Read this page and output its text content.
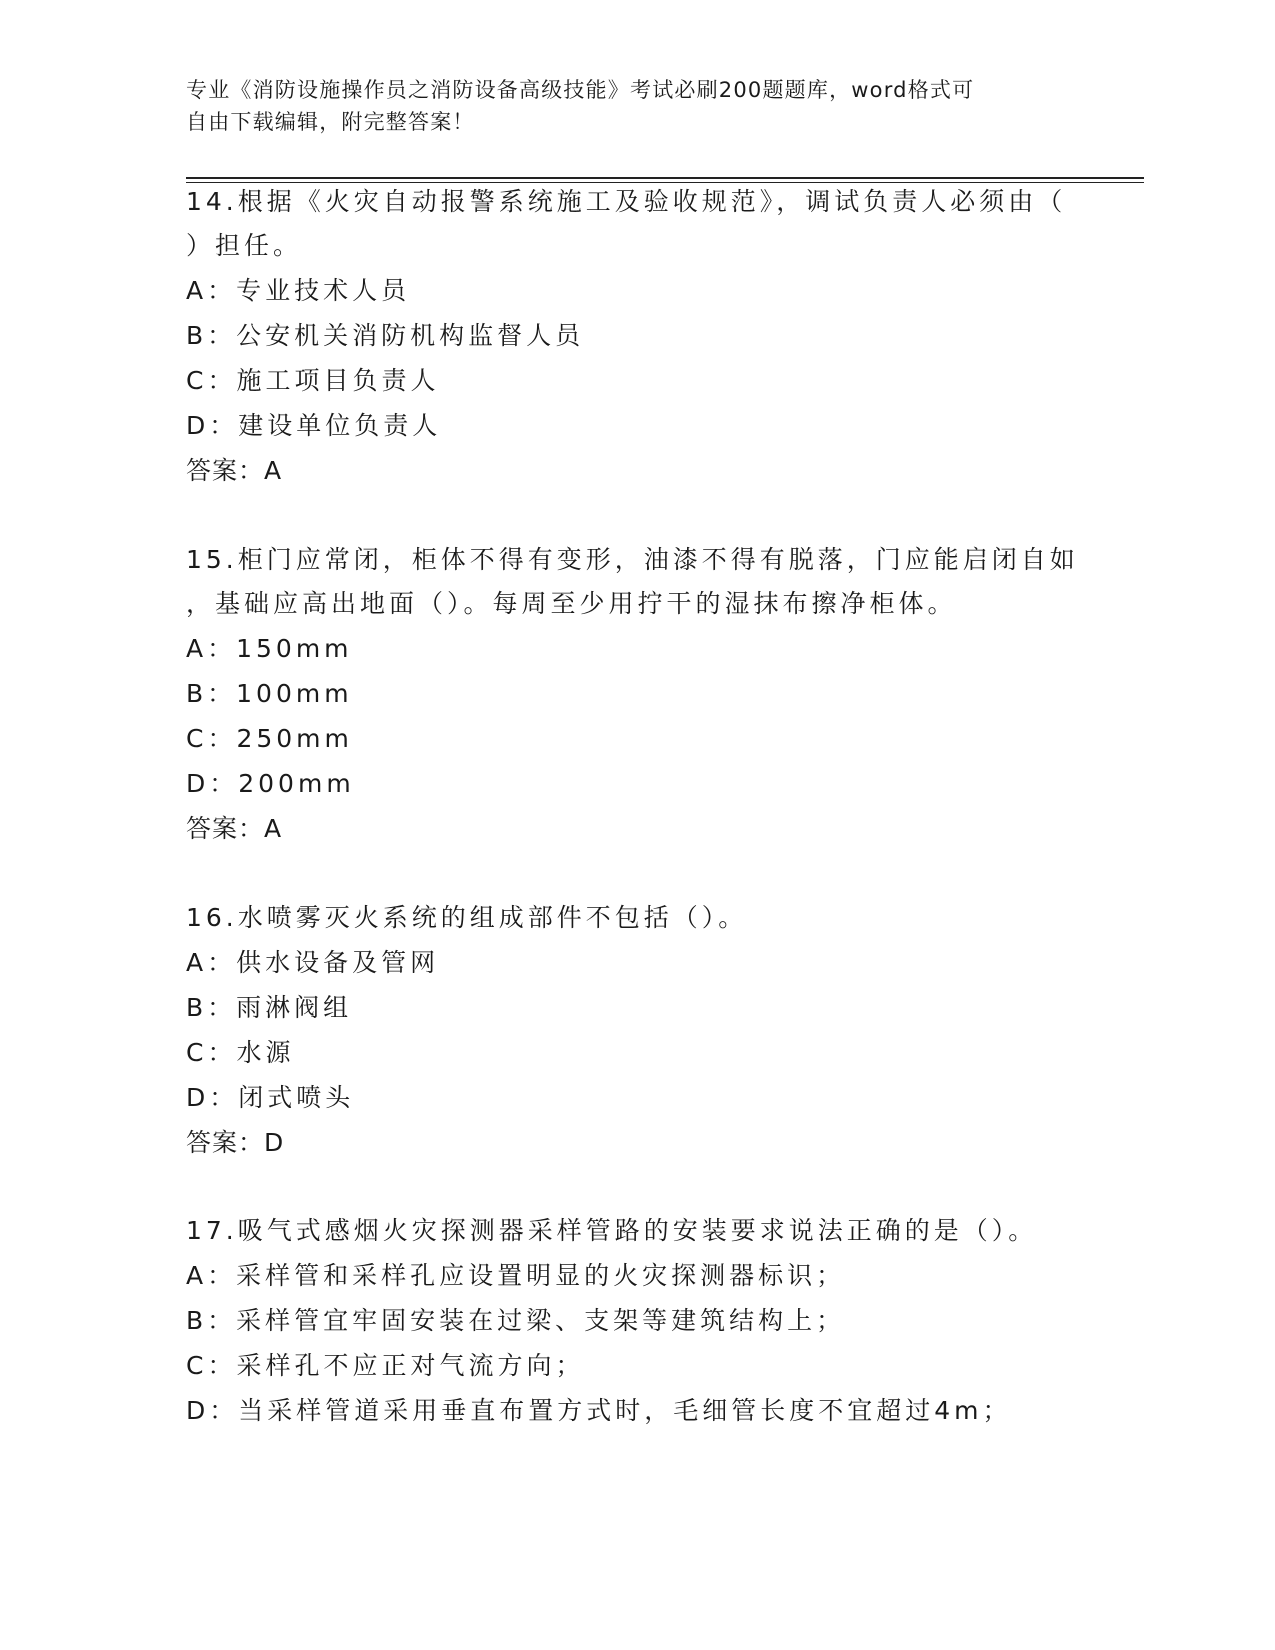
专业《消防设施操作员之消防设备高级技能》考试必刷200题题库，word格式可
自由下载编辑，附完整答案！

14.根据《火灾自动报警系统施工及验收规范》，调试负责人必须由（

）担任。

A：专业技术人员

B：公安机关消防机构监督人员

C：施工项目负责人

D：建设单位负责人

答案：A

15.柜门应常闭，柜体不得有变形，油漆不得有脱落，门应能启闭自如

，基础应高出地面（）。每周至少用拧干的湿抹布擦净柜体。

A：150mm

B：100mm

C：250mm

D：200mm

答案：A

16.水喷雾灭火系统的组成部件不包括（）。

A：供水设备及管网

B：雨淋阀组

C：水源

D：闭式喷头

答案：D

17.吸气式感烟火灾探测器采样管路的安装要求说法正确的是（）。

A：采样管和采样孔应设置明显的火灾探测器标识；

B：采样管宜牢固安装在过梁、支架等建筑结构上；

C：采样孔不应正对气流方向；

D：当采样管道采用垂直布置方式时，毛细管长度不宜超过4m；
